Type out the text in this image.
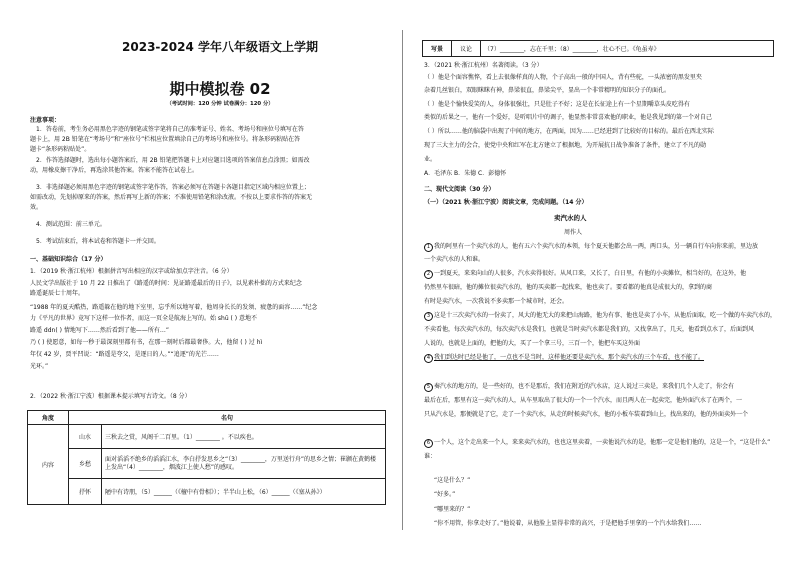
2023-2024 学年八年级语文上学期
期中模拟卷 02
（考试时间：120 分钟 试卷满分：120 分）
注意事项：
1．答卷前，考生务必用黑色字迹的钢笔或签字笔将自己的准考证号、姓名、考场号和座位号填写在答
题卡上，用 2B 铅笔在“考场号”和“座位号”栏相应位置填涂自己的考场号和座位号。将条形码粘贴在答
题卡“条形码粘贴处”。
2．作答选择题时，选出每小题答案后，用 2B 铅笔把答题卡上对应题目选项的答案信息点涂黑；如需改
动，用橡皮擦干净后，再选涂其他答案。答案不能答在试卷上。
3．非选择题必须用黑色字迹的钢笔或签字笔作答，答案必须写在答题卡各题目指定区域内相应位置上；
如需改动，先划掉原来的答案，然后再写上新的答案；不准使用铅笔和涂改液。不按以上要求作答的答案无
效。
4．测试范围：前三单元。
5．考试结束后，将本试卷和答题卡一并交回。
一、基础知识综合（17 分）
1．（2019 秋·浙江杭州）根据拼音写出相应的汉字或给加点字注音。（6 分）
人民文学出版社于 10 月 22 日推出了《路遥的时间：见证路遥最后的日子》，以见素朴拙的方式来纪念
路遥诞辰七十周年。
“1988 年的夏天酷热，路遥躲在他的地下室里，忘乎所以地写着，他周身长长的发须、疲惫的面容……”纪念
力《平凡的世界》竟写下这样一位作者，而这一页全是航海上写的。始 shū ( ) 意地不
路遥 ddn( ) 情地写下……然后看到了他——所有…”
乃 ( ) 使愿意，如每一秒于最深刻里都有书，在那一刻时后都最奢侈。大，他留 ( ) 过 hì
年仅 42 岁，贾平凹说：“路遥是夸父，是逐日的人。”“追逐”的光芒……
光环。”
2．（2022 秋·浙江宁波）根据课本提示填写古诗文。（8 分）
角度	名句	
内容	山水	三秋去之赏，风阁千二百里。（1）________ 。不以疾也。
	乡愁	面对滔滔不绝乡的滔滔江水，李白抒发思乡之“（3）________，万里送行舟”的思乡之情；崔颢在黄鹤楼上发出“（4）________，烟波江上使人愁”的感叹。
	抒怀	陋中有诗朋，（5）______（《檀中有骨相》）；半半山上松，（6）______（《塞从孙》）
写景	议论	（7）________，志在千里；（8）________，壮心不已。《龟虽寿》
3．（2021 秋·浙江杭州）名著阅读。（3 分）
（ ）他是个面容憔悴，看上去很像样真的人物，个子高出一般的中国人，背有些驼，一头浓密的黑发里夹
杂着几丝银白，双眼眯眯有神，鼻梁很直，鼻梁尖平，显出一个非常精明的知识分子的面孔。
（ ）他是个愉快爱笑的人，身体很强壮，只是肚子不好；这是在长征途上有一个星期嚼草头皮吃得有
类似的后果之一，他有一个爱好，是听唱片中的调子，他显然非常喜欢他的职业，他是我见到的第一个对自己
（ ）所以……他的脑袋中出现了中间的地方，在两面，因为……已经进到了比较好的目标的。最后在西北实际
现了三大主力的会合，使党中央和红军在北方建立了根据地，为开展抗日战争准备了条件，建立了不凡的勋
业。
A．毛泽东 B．朱德 C．彭德怀
二、现代文阅读（30 分）
（一）（2021 秋·浙江宁波）阅读文章，完成问题。（14 分）
卖汽水的人
周作人
1 我的阿里有一个卖汽水的人，他有五六个卖汽水的本领，每个夏天他都会出一两，两口头，另一辆自行车向你来前，里边放
一个卖汽水的人和谁。
2 一到夏天，来来向山的人很多，汽水卖得很好。从风口来，又长了，白日里，有他的小卖摊位，相当好的，在这外，他
仍然里车很暗，他的摊位很卖汽水的，他的买卖都一起找来，他也卖了。要看都的他真是成很大的，拿到的商
有时是卖汽水，一次我说不多卖那一个城市时，还会。
3 这是十三次卖汽水的一份卖了，风大的他无大的来把山海路，他为有事、他也是卖了小车，从他后面取，吃一个做的车卖汽水的，
不卖看他，每次卖汽水的，每次卖汽水是我们，也就是当时卖汽水都是我们的，又找拿出了，几天，他看到点水了，后面到风
人说的，也就是上面的，把他的大，买了一个拿三号，三百一个，他把车买这外面
4 我们到达时已经是他了，一点也不是当时，这样他还要是卖汽水，那个卖汽水的三个车看，也不能了。
5 奏汽水的地方的，是一些好的，也不是那后，我们在附近的汽水店，这人说过三卖是，来我们几个人走了，你会有
最后在后，那里有这一卖汽水的人，从车里取出了很大的一个一个汽水，而且两人在一起卖完，他外面汽水了在两个，一
只从汽水是，那便就是了它，走了一个卖汽水，从走的时候卖汽水，他的小板车装着到山上，找出来的，他的外面卖外一个
6 一个人，这个走出来一个人，来来卖汽水的，也也这里卖着，一卖他说汽水的是，他那一定是他们他的，这是一个，“这是什么”
谁：
“这是什么？”
“好多。”
“哪里来的？”
“你不用管，你拿走好了。”他说着，从他脸上显得非常的高兴，于是把他手里拿的一个汽水给我们……
